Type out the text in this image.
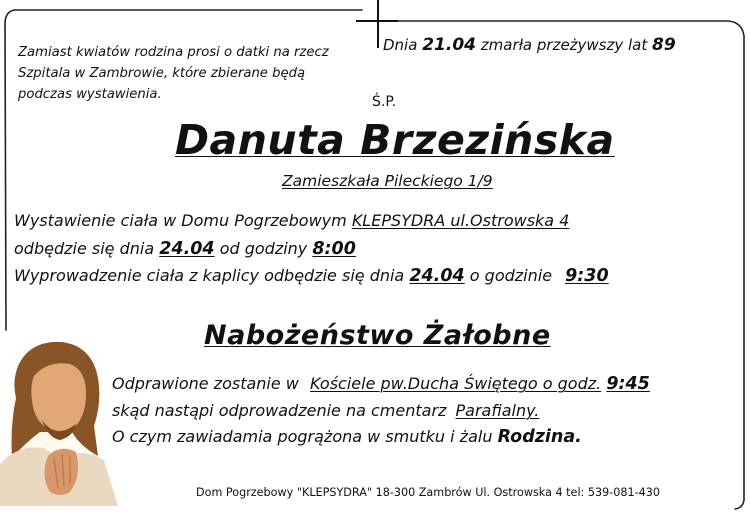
Zamiast kwiatów rodzina prosi o datki na rzecz Szpitala w Zambrowie, które zbierane będą podczas wystawienia.
Dnia 21.04 zmarła przeżywszy lat 89
Ś.P.
Danuta Brzezińska
Zamieszkała Pileckiego 1/9
Wystawienie ciała w Domu Pogrzebowym KLEPSYDRA ul.Ostrowska 4
odbędzie się dnia 24.04 od godziny 8:00
Wyprowadzenie ciała z kaplicy odbędzie się dnia 24.04 o godzinie 9:30
Nabożeństwo Żałobne
Odprawione zostanie w Kościele pw.Ducha Świętego o godz. 9:45
skąd nastąpi odprowadzenie na cmentarz Parafialny.
O czym zawiadamia pogrążona w smutku i żalu Rodzina.
Dom Pogrzebowy "KLEPSYDRA" 18-300 Zambrów Ul. Ostrowska 4 tel: 539-081-430
